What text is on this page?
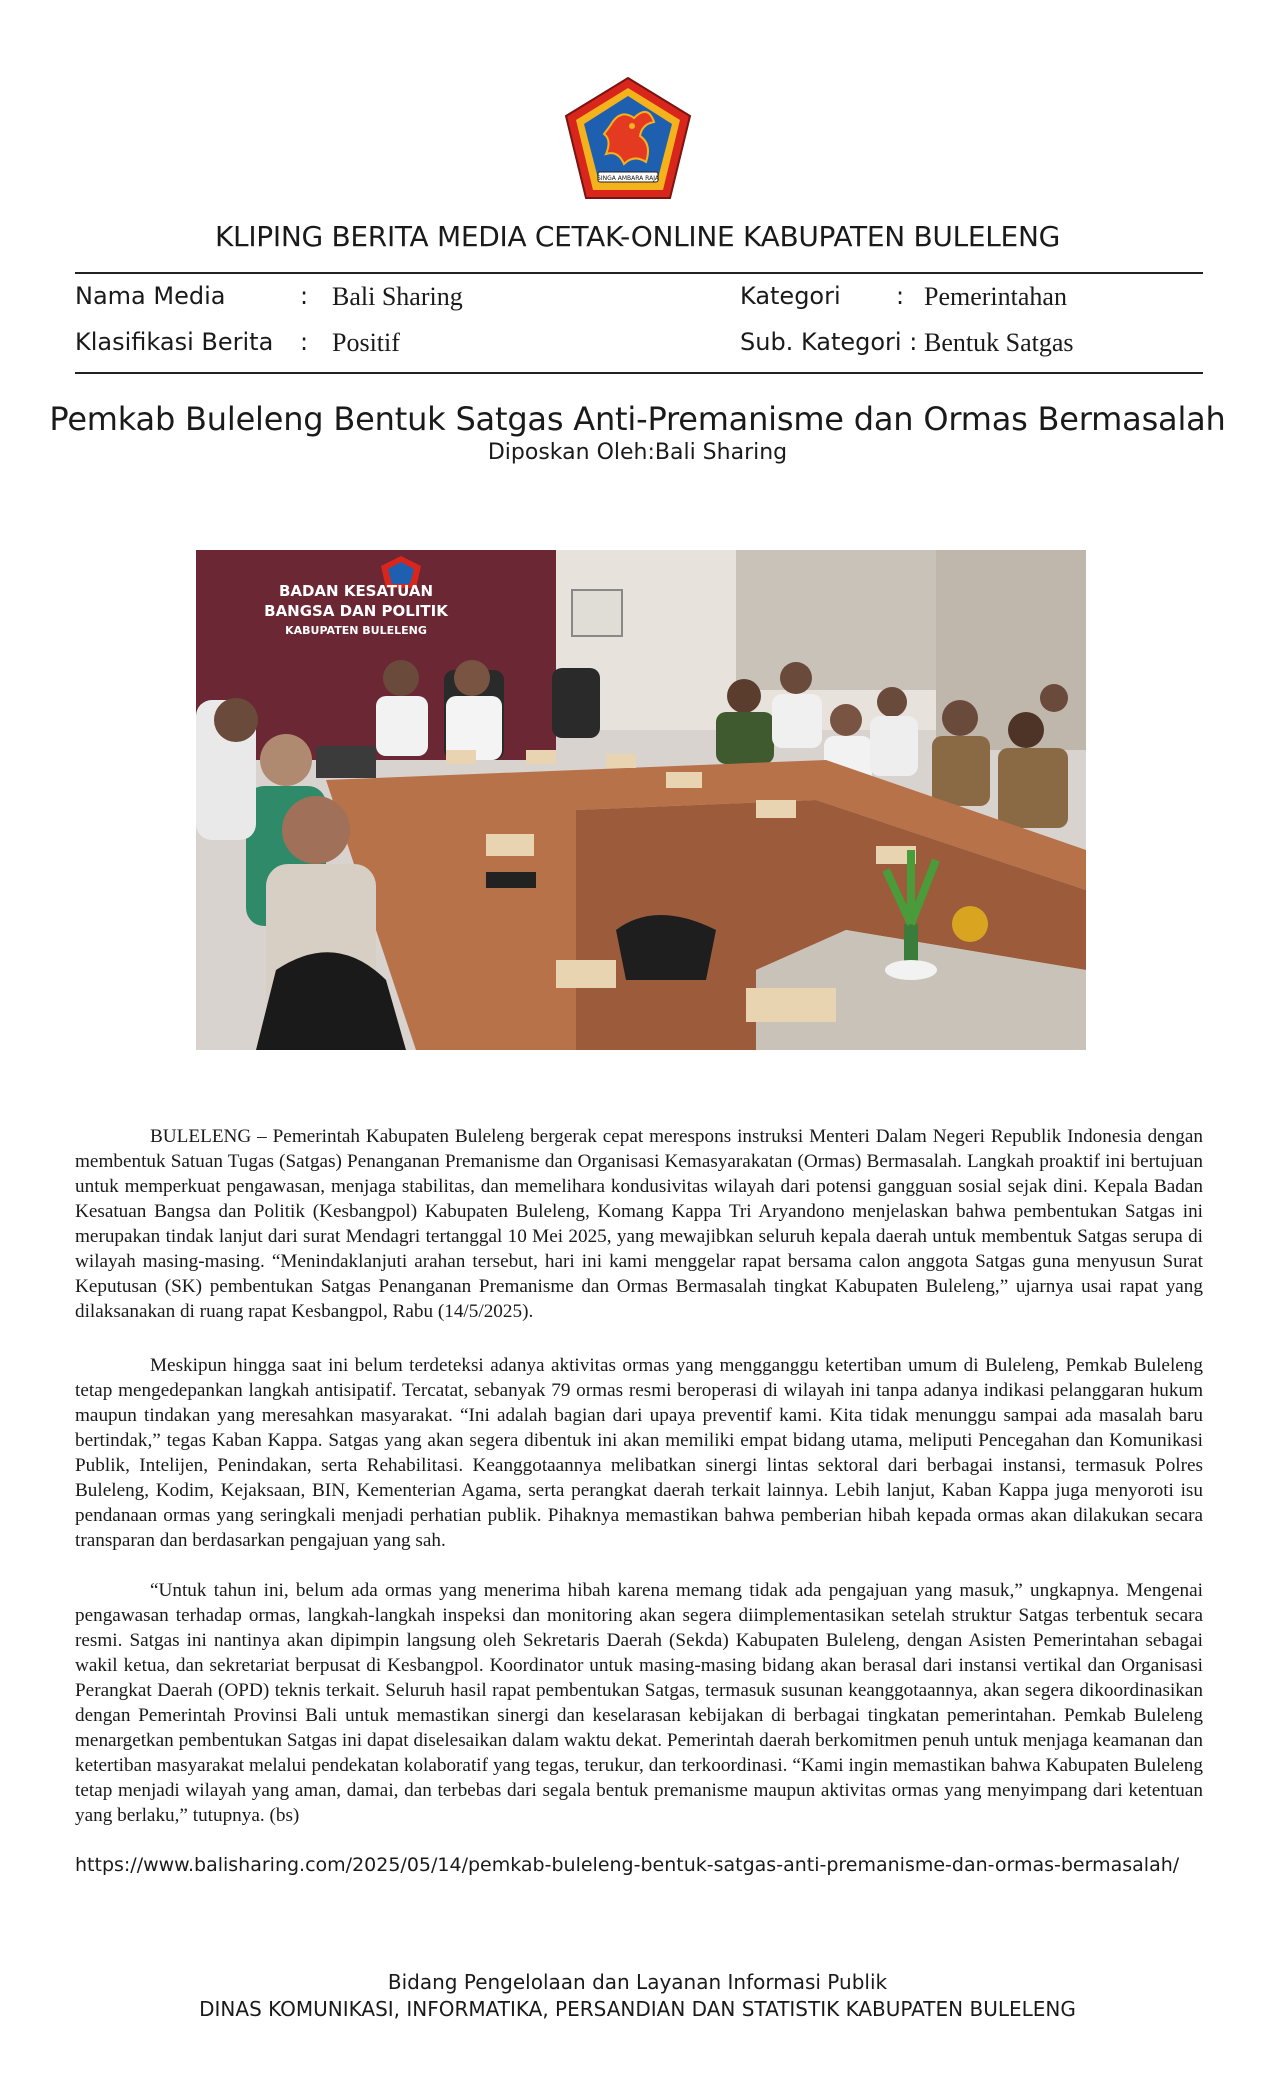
SINGA AMBARA RAJA
KLIPING BERITA MEDIA CETAK-ONLINE KABUPATEN BULELENG
Nama Media	: Bali Sharing	Kategori : Pemerintahan
Klasifikasi Berita : Positif	Sub. Kategori : Bentuk Satgas
Pemkab Buleleng Bentuk Satgas Anti-Premanisme dan Ormas Bermasalah
Diposkan Oleh:Bali Sharing
BADAN KESATUAN
BANGSA DAN POLITIK
KABUPATEN BULELENG

BULELENG – Pemerintah Kabupaten Buleleng bergerak cepat merespons instruksi Menteri Dalam Negeri Republik Indonesia dengan membentuk Satuan Tugas (Satgas) Penanganan Premanisme dan Organisasi Kemasyarakatan (Ormas) Bermasalah. Langkah proaktif ini bertujuan untuk memperkuat pengawasan, menjaga stabilitas, dan memelihara kondusivitas wilayah dari potensi gangguan sosial sejak dini. Kepala Badan Kesatuan Bangsa dan Politik (Kesbangpol) Kabupaten Buleleng, Komang Kappa Tri Aryandono menjelaskan bahwa pembentukan Satgas ini merupakan tindak lanjut dari surat Mendagri tertanggal 10 Mei 2025, yang mewajibkan seluruh kepala daerah untuk membentuk Satgas serupa di wilayah masing-masing. “Menindaklanjuti arahan tersebut, hari ini kami menggelar rapat bersama calon anggota Satgas guna menyusun Surat Keputusan (SK) pembentukan Satgas Penanganan Premanisme dan Ormas Bermasalah tingkat Kabupaten Buleleng,” ujarnya usai rapat yang dilaksanakan di ruang rapat Kesbangpol, Rabu (14/5/2025).

Meskipun hingga saat ini belum terdeteksi adanya aktivitas ormas yang mengganggu ketertiban umum di Buleleng, Pemkab Buleleng tetap mengedepankan langkah antisipatif. Tercatat, sebanyak 79 ormas resmi beroperasi di wilayah ini tanpa adanya indikasi pelanggaran hukum maupun tindakan yang meresahkan masyarakat. “Ini adalah bagian dari upaya preventif kami. Kita tidak menunggu sampai ada masalah baru bertindak,” tegas Kaban Kappa. Satgas yang akan segera dibentuk ini akan memiliki empat bidang utama, meliputi Pencegahan dan Komunikasi Publik, Intelijen, Penindakan, serta Rehabilitasi. Keanggotaannya melibatkan sinergi lintas sektoral dari berbagai instansi, termasuk Polres Buleleng, Kodim, Kejaksaan, BIN, Kementerian Agama, serta perangkat daerah terkait lainnya. Lebih lanjut, Kaban Kappa juga menyoroti isu pendanaan ormas yang seringkali menjadi perhatian publik. Pihaknya memastikan bahwa pemberian hibah kepada ormas akan dilakukan secara transparan dan berdasarkan pengajuan yang sah.

“Untuk tahun ini, belum ada ormas yang menerima hibah karena memang tidak ada pengajuan yang masuk,” ungkapnya. Mengenai pengawasan terhadap ormas, langkah-langkah inspeksi dan monitoring akan segera diimplementasikan setelah struktur Satgas terbentuk secara resmi. Satgas ini nantinya akan dipimpin langsung oleh Sekretaris Daerah (Sekda) Kabupaten Buleleng, dengan Asisten Pemerintahan sebagai wakil ketua, dan sekretariat berpusat di Kesbangpol. Koordinator untuk masing-masing bidang akan berasal dari instansi vertikal dan Organisasi Perangkat Daerah (OPD) teknis terkait. Seluruh hasil rapat pembentukan Satgas, termasuk susunan keanggotaannya, akan segera dikoordinasikan dengan Pemerintah Provinsi Bali untuk memastikan sinergi dan keselarasan kebijakan di berbagai tingkatan pemerintahan. Pemkab Buleleng menargetkan pembentukan Satgas ini dapat diselesaikan dalam waktu dekat. Pemerintah daerah berkomitmen penuh untuk menjaga keamanan dan ketertiban masyarakat melalui pendekatan kolaboratif yang tegas, terukur, dan terkoordinasi. “Kami ingin memastikan bahwa Kabupaten Buleleng tetap menjadi wilayah yang aman, damai, dan terbebas dari segala bentuk premanisme maupun aktivitas ormas yang menyimpang dari ketentuan yang berlaku,” tutupnya. (bs)

https://www.balisharing.com/2025/05/14/pemkab-buleleng-bentuk-satgas-anti-premanisme-dan-ormas-bermasalah/
Bidang Pengelolaan dan Layanan Informasi Publik
DINAS KOMUNIKASI, INFORMATIKA, PERSANDIAN DAN STATISTIK KABUPATEN BULELENG
